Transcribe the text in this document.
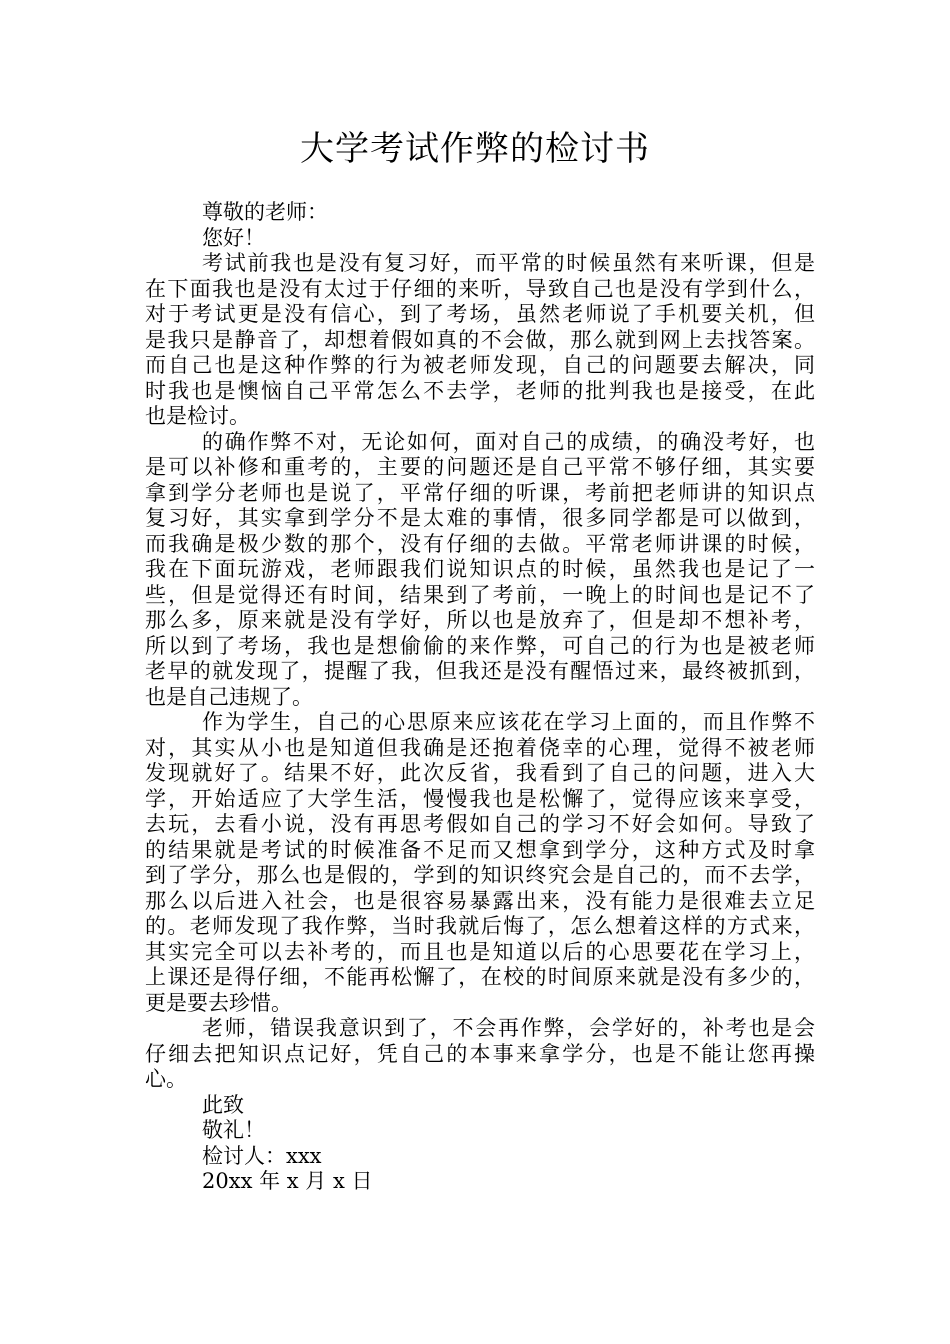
大学考试作弊的检讨书
尊敬的老师：
您好！
考试前我也是没有复习好，而平常的时候虽然有来听课，但是
在下面我也是没有太过于仔细的来听，导致自己也是没有学到什么，
对于考试更是没有信心，到了考场，虽然老师说了手机要关机，但
是我只是静音了，却想着假如真的不会做，那么就到网上去找答案。
而自己也是这种作弊的行为被老师发现，自己的问题要去解决，同
时我也是懊恼自己平常怎么不去学，老师的批判我也是接受，在此
也是检讨。
的确作弊不对，无论如何，面对自己的成绩，的确没考好，也
是可以补修和重考的，主要的问题还是自己平常不够仔细，其实要
拿到学分老师也是说了，平常仔细的听课，考前把老师讲的知识点
复习好，其实拿到学分不是太难的事情，很多同学都是可以做到，
而我确是极少数的那个，没有仔细的去做。平常老师讲课的时候，
我在下面玩游戏，老师跟我们说知识点的时候，虽然我也是记了一
些，但是觉得还有时间，结果到了考前，一晚上的时间也是记不了
那么多，原来就是没有学好，所以也是放弃了，但是却不想补考，
所以到了考场，我也是想偷偷的来作弊，可自己的行为也是被老师
老早的就发现了，提醒了我，但我还是没有醒悟过来，最终被抓到，
也是自己违规了。
作为学生，自己的心思原来应该花在学习上面的，而且作弊不
对，其实从小也是知道但我确是还抱着侥幸的心理，觉得不被老师
发现就好了。结果不好，此次反省，我看到了自己的问题，进入大
学，开始适应了大学生活，慢慢我也是松懈了，觉得应该来享受，
去玩，去看小说，没有再思考假如自己的学习不好会如何。导致了
的结果就是考试的时候准备不足而又想拿到学分，这种方式及时拿
到了学分，那么也是假的，学到的知识终究会是自己的，而不去学，
那么以后进入社会，也是很容易暴露出来，没有能力是很难去立足
的。老师发现了我作弊，当时我就后悔了，怎么想着这样的方式来，
其实完全可以去补考的，而且也是知道以后的心思要花在学习上，
上课还是得仔细，不能再松懈了，在校的时间原来就是没有多少的，
更是要去珍惜。
老师，错误我意识到了，不会再作弊，会学好的，补考也是会
仔细去把知识点记好，凭自己的本事来拿学分，也是不能让您再操
心。
此致
敬礼！
检讨人：xxx
20xx 年 x 月 x 日
